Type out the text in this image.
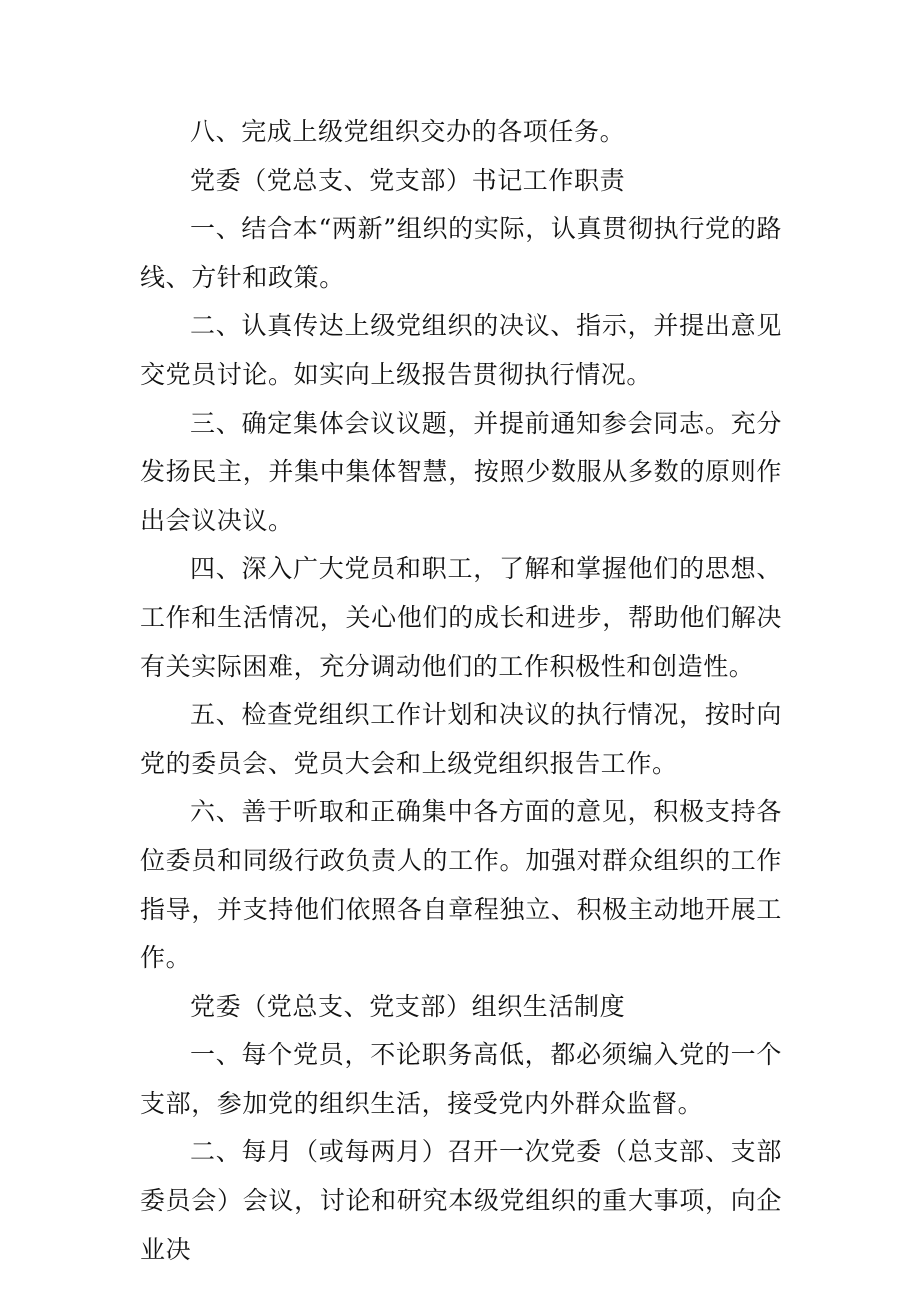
八、完成上级党组织交办的各项任务。

党委（党总支、党支部）书记工作职责

一、结合本“两新”组织的实际，认真贯彻执行党的路线、方针和政策。

二、认真传达上级党组织的决议、指示，并提出意见交党员讨论。如实向上级报告贯彻执行情况。

三、确定集体会议议题，并提前通知参会同志。充分发扬民主，并集中集体智慧，按照少数服从多数的原则作出会议决议。

四、深入广大党员和职工，了解和掌握他们的思想、工作和生活情况，关心他们的成长和进步，帮助他们解决有关实际困难，充分调动他们的工作积极性和创造性。

五、检查党组织工作计划和决议的执行情况，按时向党的委员会、党员大会和上级党组织报告工作。

六、善于听取和正确集中各方面的意见，积极支持各位委员和同级行政负责人的工作。加强对群众组织的工作指导，并支持他们依照各自章程独立、积极主动地开展工作。

党委（党总支、党支部）组织生活制度

一、每个党员，不论职务高低，都必须编入党的一个支部，参加党的组织生活，接受党内外群众监督。

二、每月（或每两月）召开一次党委（总支部、支部委员会）会议，讨论和研究本级党组织的重大事项，向企业决
